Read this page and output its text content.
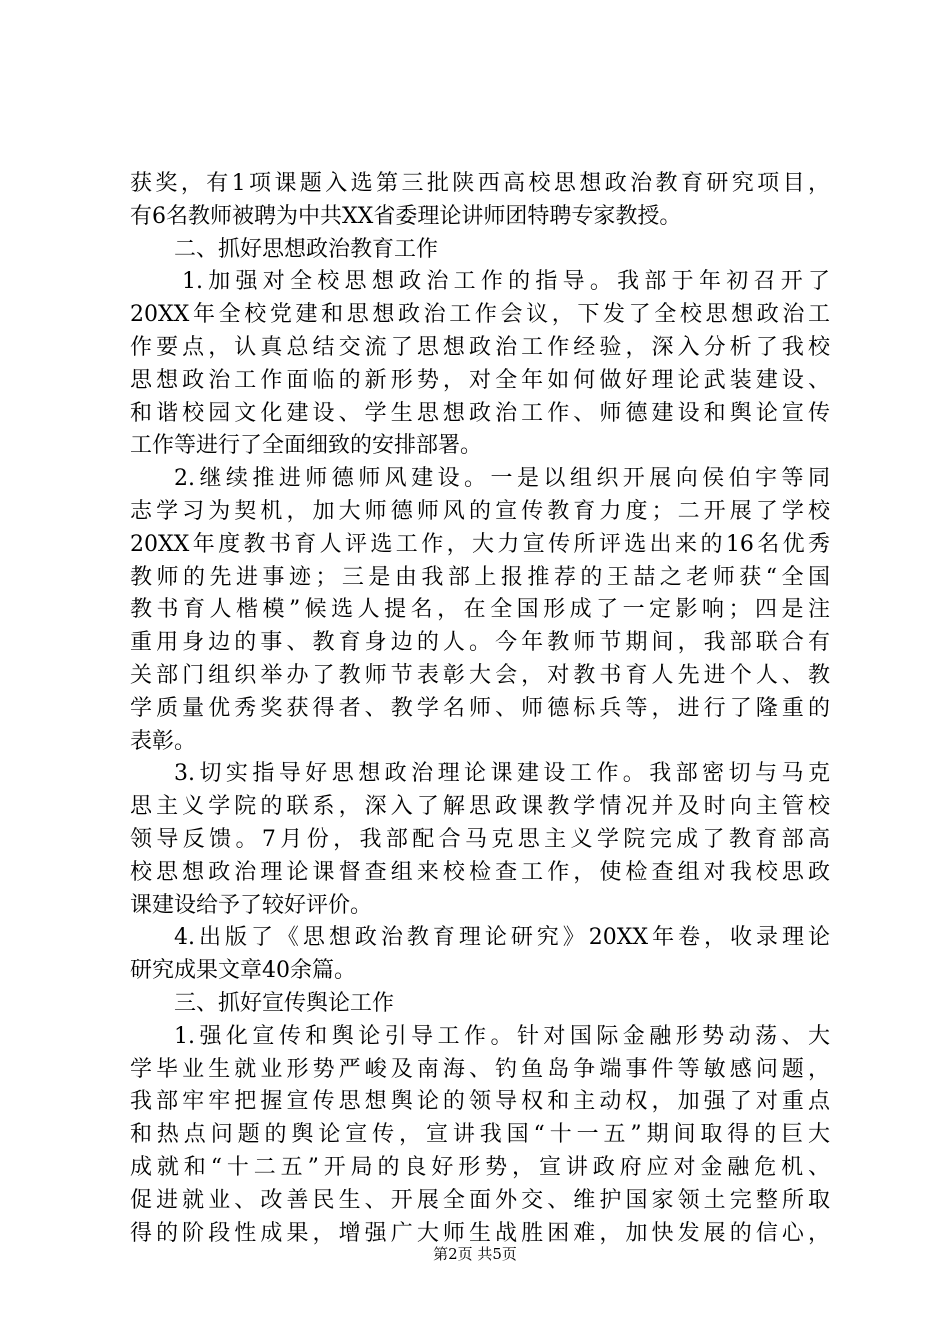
获奖，有1项课题入选第三批陕西高校思想政治教育研究项目，
有6名教师被聘为中共XX省委理论讲师团特聘专家教授。
二、抓好思想政治教育工作
1.加强对全校思想政治工作的指导。我部于年初召开了
20XX年全校党建和思想政治工作会议，下发了全校思想政治工
作要点，认真总结交流了思想政治工作经验，深入分析了我校
思想政治工作面临的新形势，对全年如何做好理论武装建设、
和谐校园文化建设、学生思想政治工作、师德建设和舆论宣传
工作等进行了全面细致的安排部署。
2.继续推进师德师风建设。一是以组织开展向侯伯宇等同
志学习为契机，加大师德师风的宣传教育力度；二开展了学校
20XX年度教书育人评选工作，大力宣传所评选出来的16名优秀
教师的先进事迹；三是由我部上报推荐的王喆之老师获“全国
教书育人楷模”候选人提名，在全国形成了一定影响；四是注
重用身边的事、教育身边的人。今年教师节期间，我部联合有
关部门组织举办了教师节表彰大会，对教书育人先进个人、教
学质量优秀奖获得者、教学名师、师德标兵等，进行了隆重的
表彰。
3.切实指导好思想政治理论课建设工作。我部密切与马克
思主义学院的联系，深入了解思政课教学情况并及时向主管校
领导反馈。7月份，我部配合马克思主义学院完成了教育部高
校思想政治理论课督查组来校检查工作，使检查组对我校思政
课建设给予了较好评价。
4.出版了《思想政治教育理论研究》20XX年卷，收录理论
研究成果文章40余篇。
三、抓好宣传舆论工作
1.强化宣传和舆论引导工作。针对国际金融形势动荡、大
学毕业生就业形势严峻及南海、钓鱼岛争端事件等敏感问题，
我部牢牢把握宣传思想舆论的领导权和主动权，加强了对重点
和热点问题的舆论宣传，宣讲我国“十一五”期间取得的巨大
成就和“十二五”开局的良好形势，宣讲政府应对金融危机、
促进就业、改善民生、开展全面外交、维护国家领土完整所取
得的阶段性成果，增强广大师生战胜困难，加快发展的信心，
第2页 共5页
